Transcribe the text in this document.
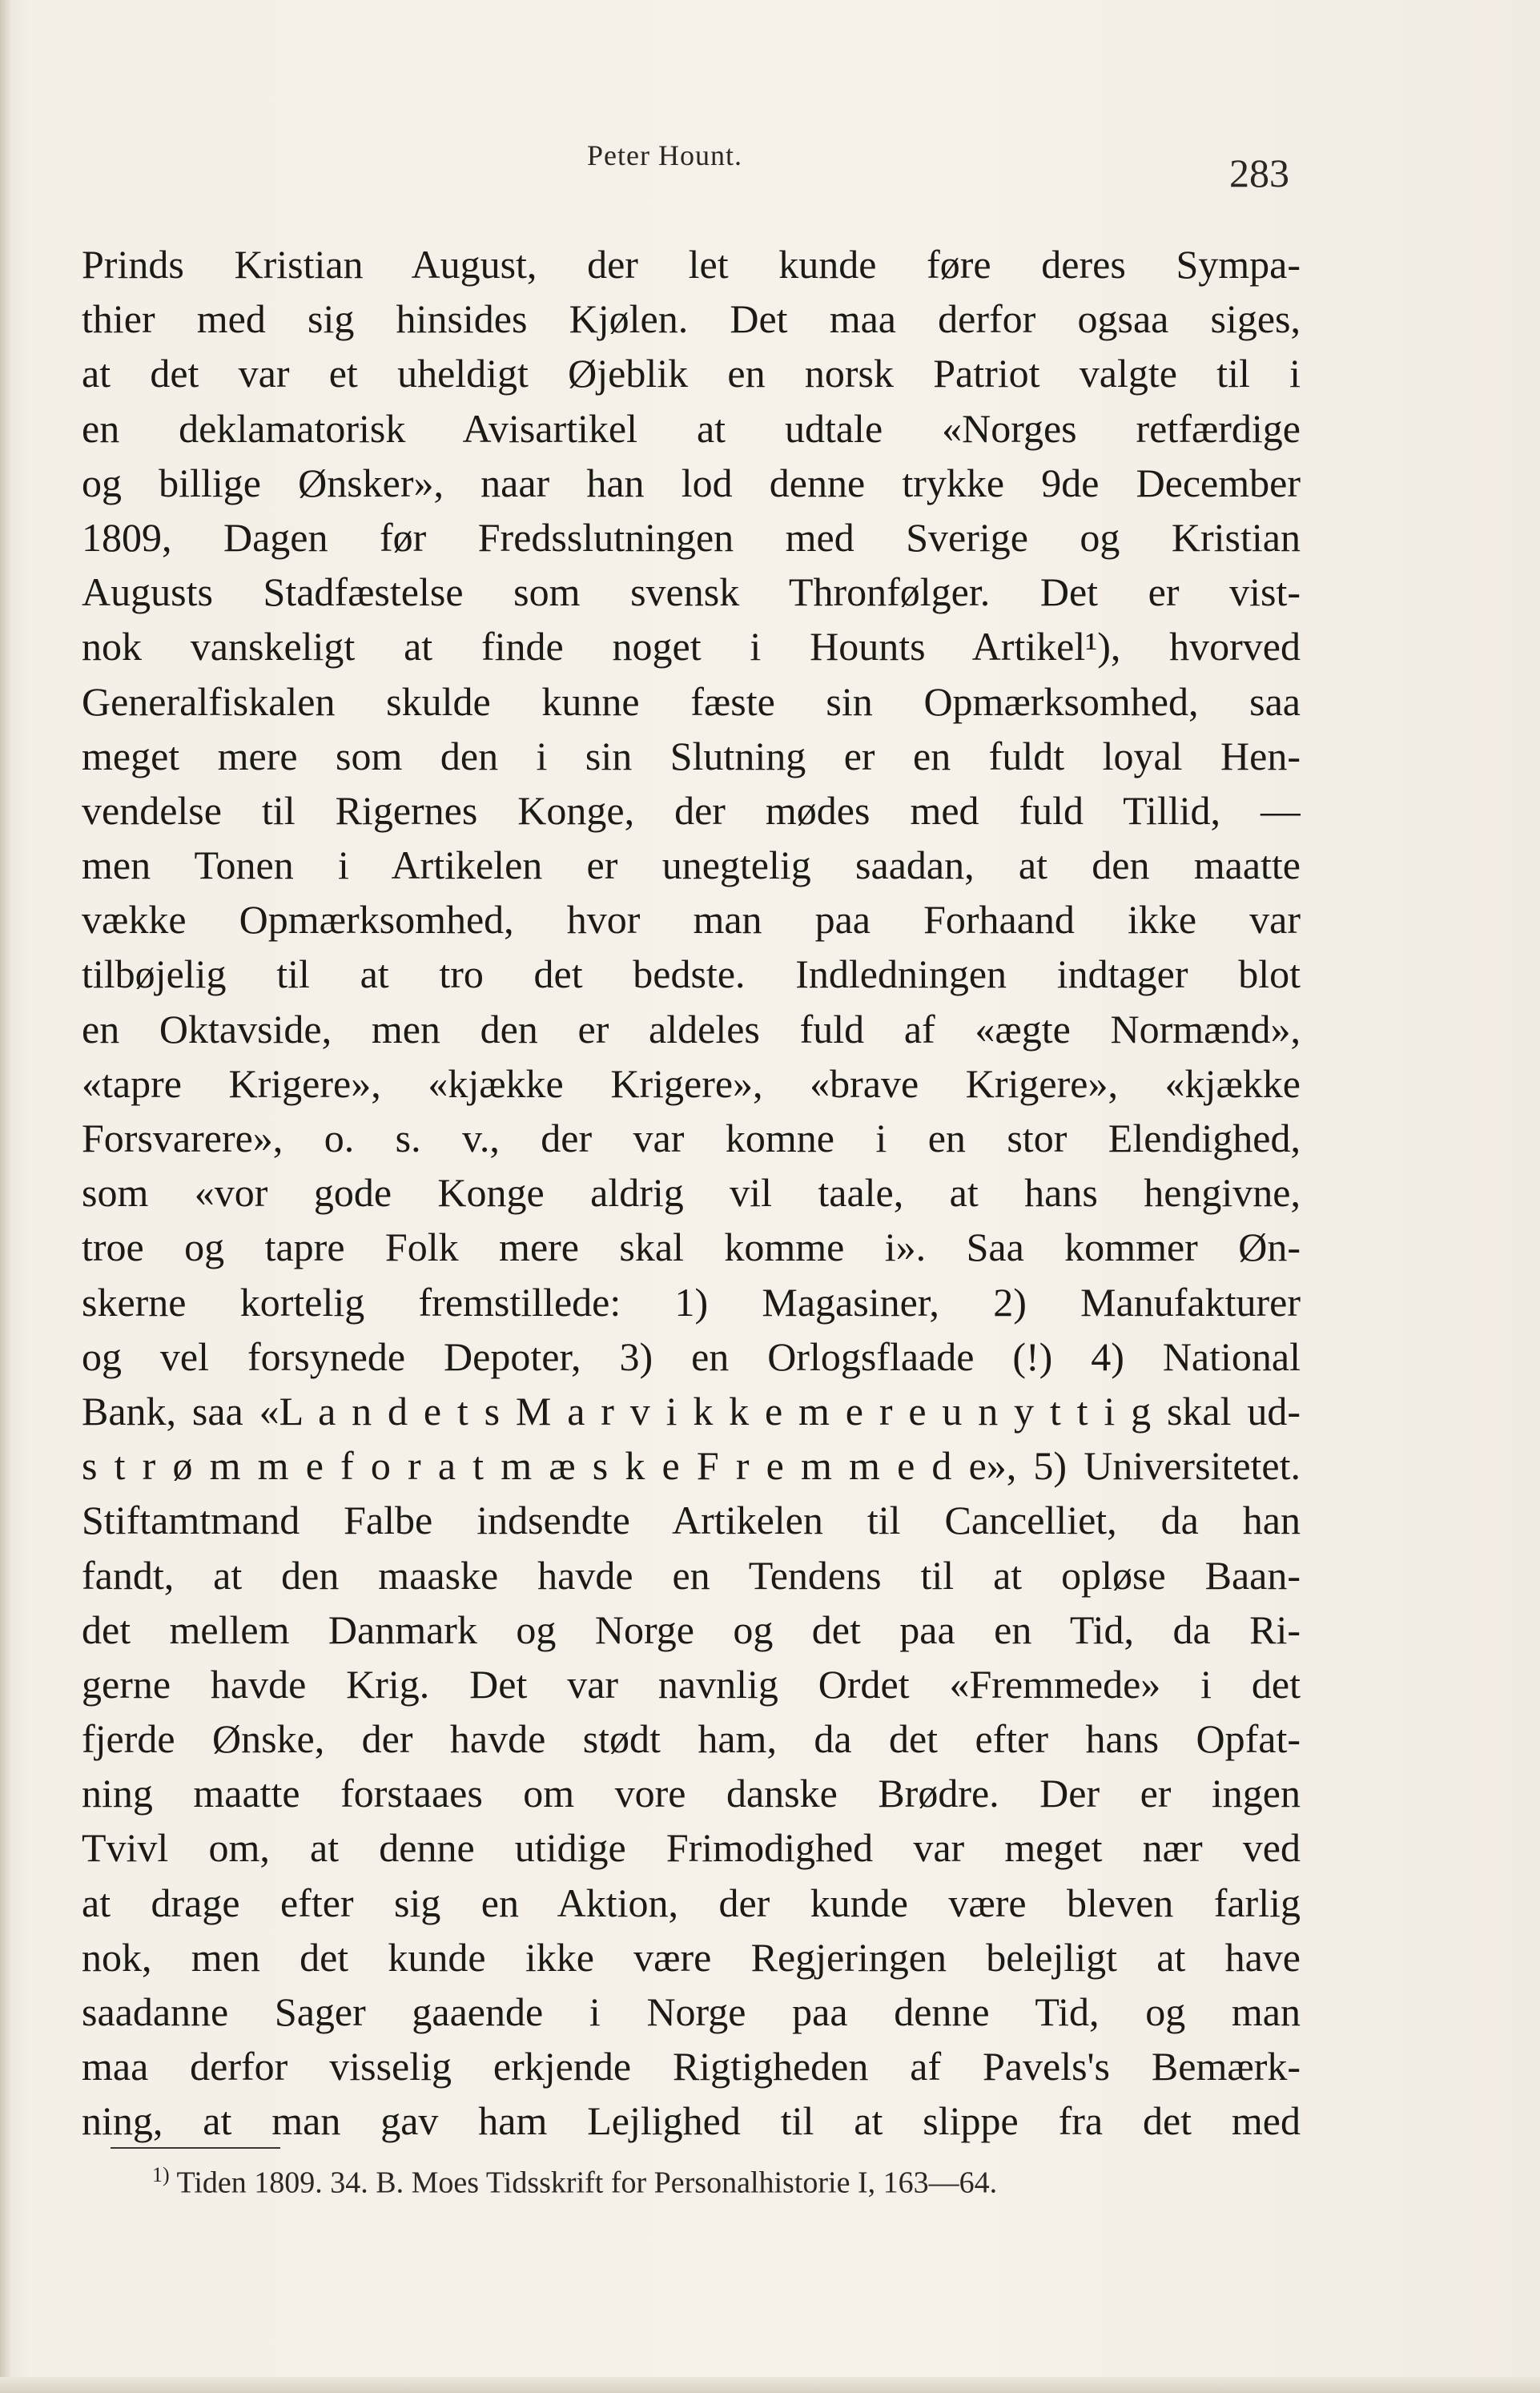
Peter Hount.	283
Prinds Kristian August, der let kunde føre deres Sympa-
thier med sig hinsides Kjølen. Det maa derfor ogsaa siges,
at det var et uheldigt Øjeblik en norsk Patriot valgte til i
en deklamatorisk Avisartikel at udtale «Norges retfærdige
og billige Ønsker», naar han lod denne trykke 9de December
1809, Dagen før Fredsslutningen med Sverige og Kristian
Augusts Stadfæstelse som svensk Thronfølger. Det er vist-
nok vanskeligt at finde noget i Hounts Artikel¹), hvorved
Generalfiskalen skulde kunne fæste sin Opmærksomhed, saa
meget mere som den i sin Slutning er en fuldt loyal Hen-
vendelse til Rigernes Konge, der mødes med fuld Tillid, —
men Tonen i Artikelen er unegtelig saadan, at den maatte
vække Opmærksomhed, hvor man paa Forhaand ikke var
tilbøjelig til at tro det bedste. Indledningen indtager blot
en Oktavside, men den er aldeles fuld af «ægte Normænd»,
«tapre Krigere», «kjække Krigere», «brave Krigere», «kjække
Forsvarere», o. s. v., der var komne i en stor Elendighed,
som «vor gode Konge aldrig vil taale, at hans hengivne,
troe og tapre Folk mere skal komme i». Saa kommer Øn-
skerne kortelig fremstillede: 1) Magasiner, 2) Manufakturer
og vel forsynede Depoter, 3) en Orlogsflaade (!) 4) National
Bank, saa «L a n d e t s M a r v i k k e m e r e u n y t t i g skal ud-
s t r ø m m e f o r a t m æ s k e F r e m m e d e», 5) Universitetet.
Stiftamtmand Falbe indsendte Artikelen til Cancelliet, da han
fandt, at den maaske havde en Tendens til at opløse Baan-
det mellem Danmark og Norge og det paa en Tid, da Ri-
gerne havde Krig. Det var navnlig Ordet «Fremmede» i det
fjerde Ønske, der havde stødt ham, da det efter hans Opfat-
ning maatte forstaaes om vore danske Brødre. Der er ingen
Tvivl om, at denne utidige Frimodighed var meget nær ved
at drage efter sig en Aktion, der kunde være bleven farlig
nok, men det kunde ikke være Regjeringen belejligt at have
saadanne Sager gaaende i Norge paa denne Tid, og man
maa derfor visselig erkjende Rigtigheden af Pavels's Bemærk-
ning, at man gav ham Lejlighed til at slippe fra det med
$^{1)}$ Tiden 1809. 34. B. Moes Tidsskrift for Personalhistorie I, 163—64.
